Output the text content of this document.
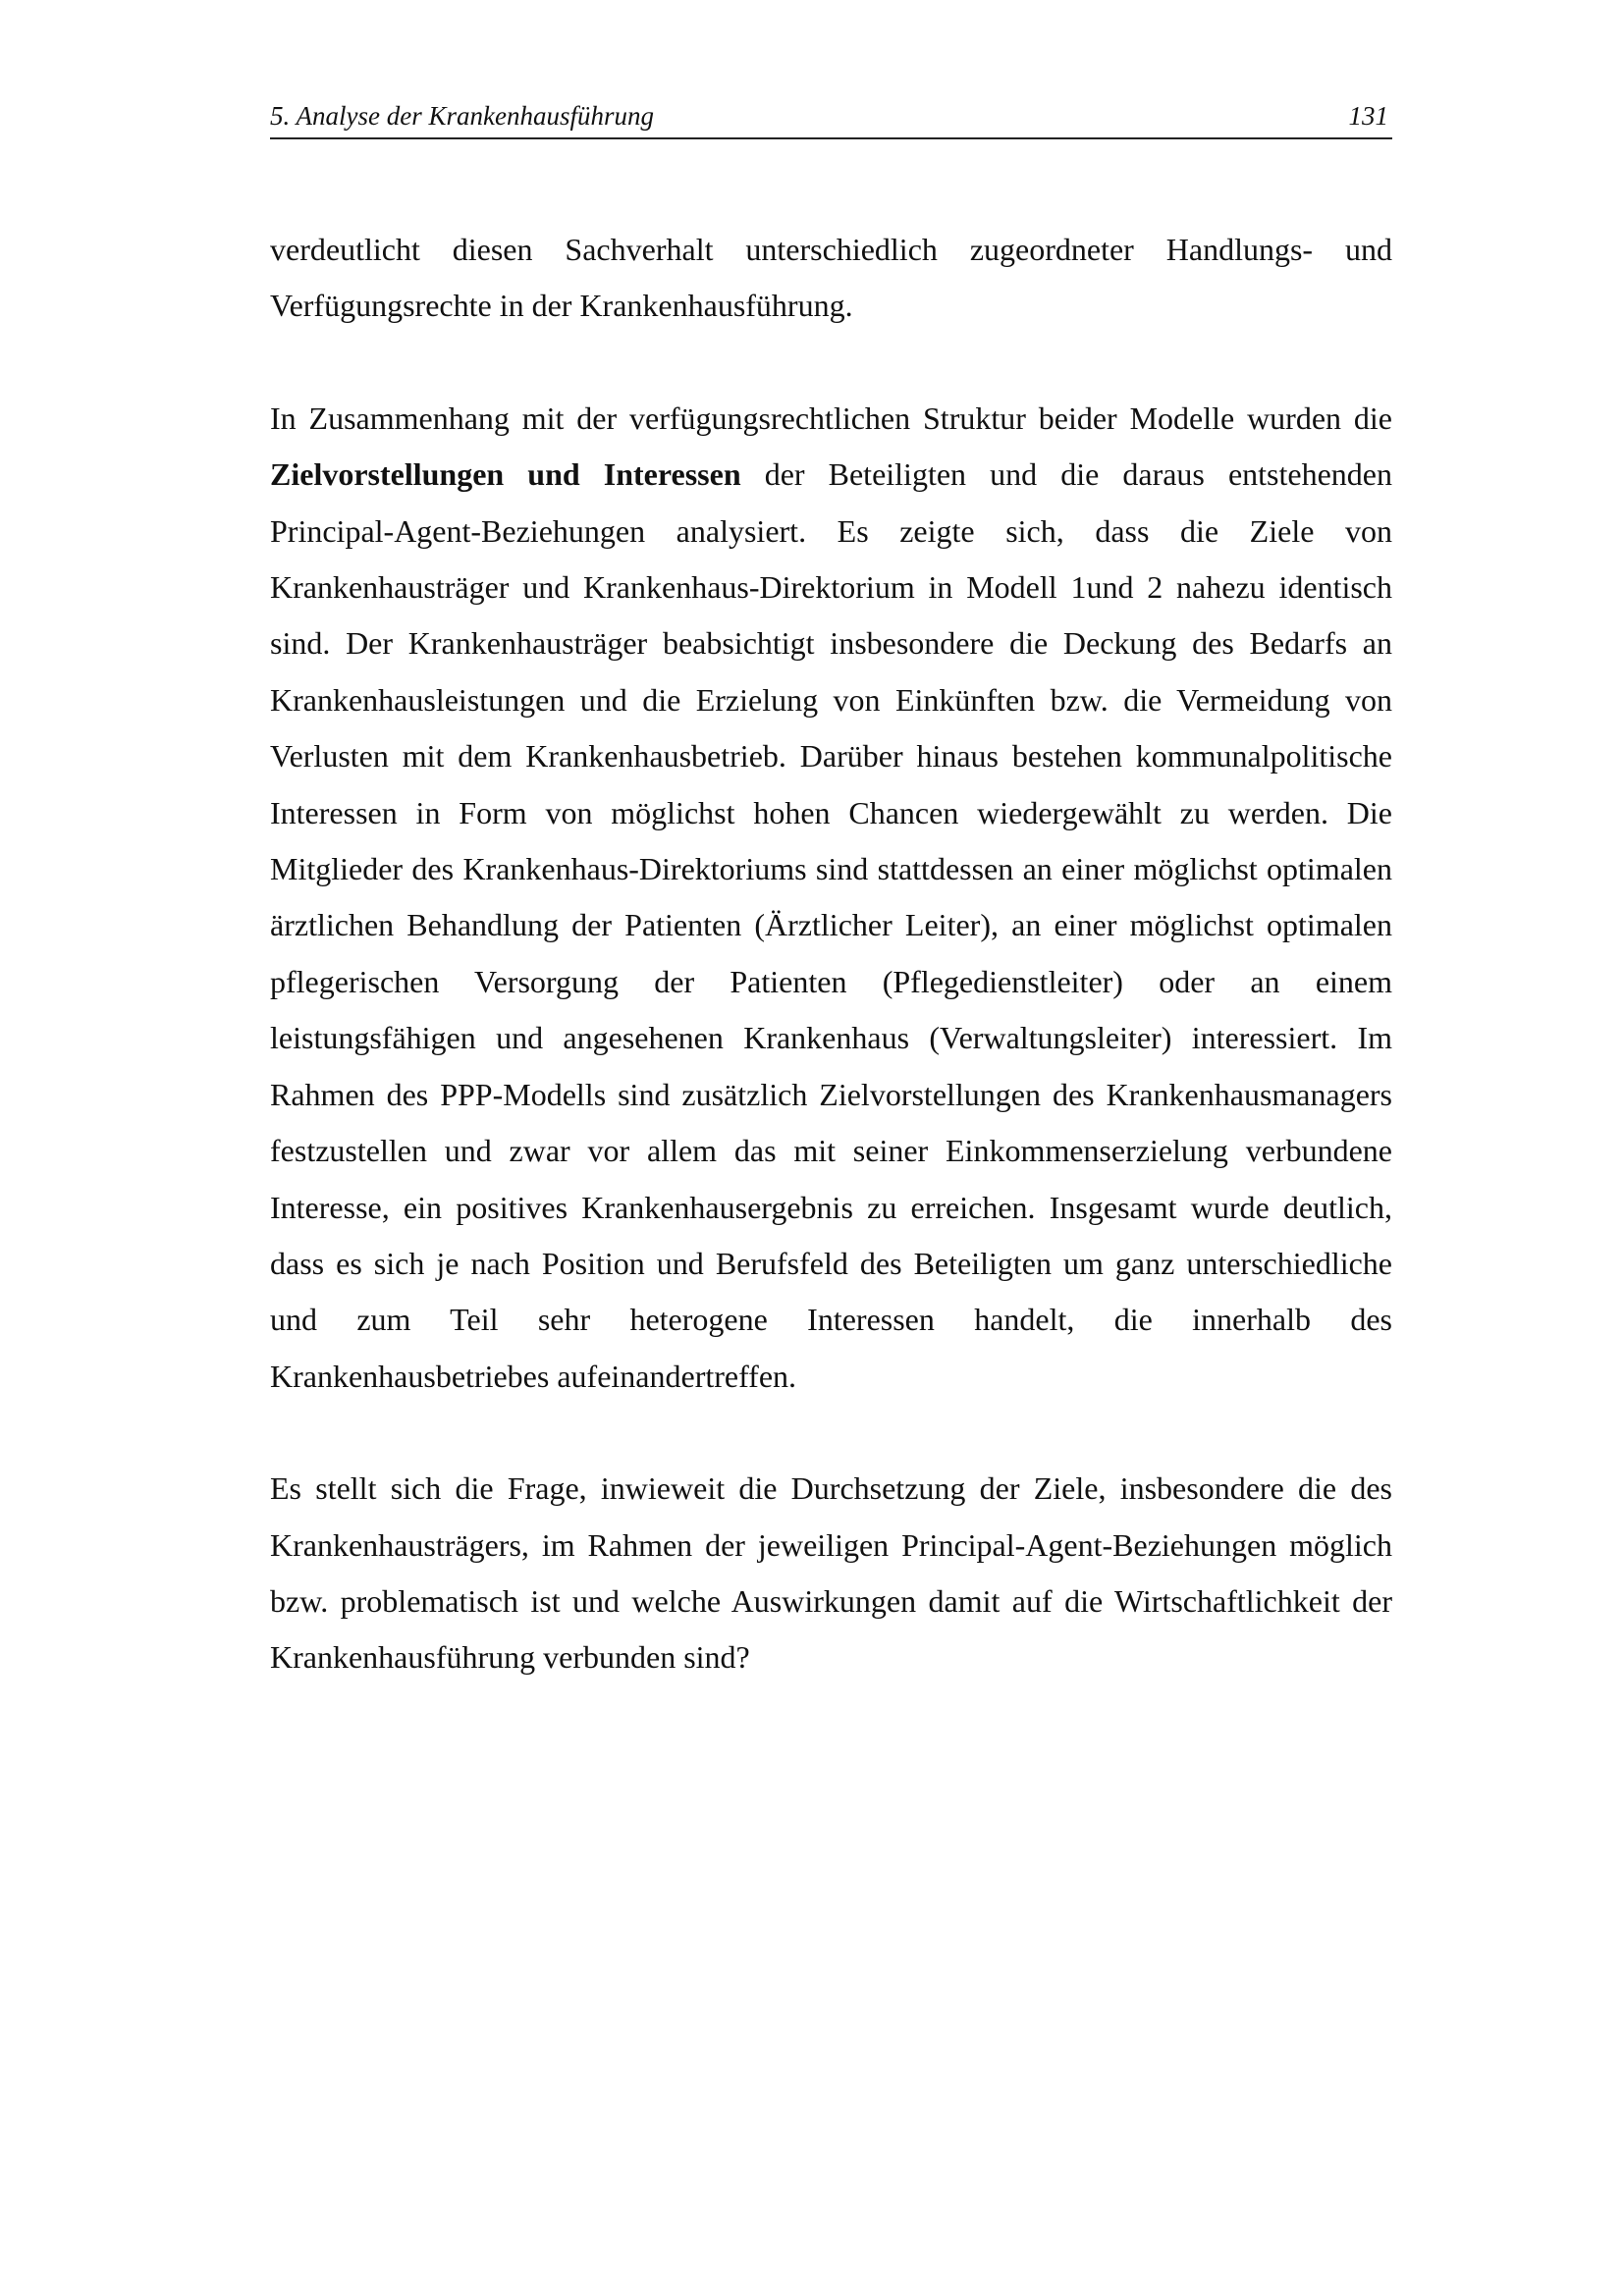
5. Analyse der Krankenhausführung	131

verdeutlicht diesen Sachverhalt unterschiedlich zugeordneter Handlungs- und Verfügungsrechte in der Krankenhausführung.

In Zusammenhang mit der verfügungsrechtlichen Struktur beider Modelle wurden die Zielvorstellungen und Interessen der Beteiligten und die daraus entstehenden Principal-Agent-Beziehungen analysiert. Es zeigte sich, dass die Ziele von Krankenhausträger und Krankenhaus-Direktorium in Modell 1und 2 nahezu identisch sind. Der Krankenhausträger beabsichtigt insbesondere die Deckung des Bedarfs an Krankenhausleistungen und die Erzielung von Einkünften bzw. die Vermeidung von Verlusten mit dem Krankenhausbetrieb. Darüber hinaus bestehen kommunalpolitische Interessen in Form von möglichst hohen Chancen wiedergewählt zu werden. Die Mitglieder des Krankenhaus-Direktoriums sind stattdessen an einer möglichst optimalen ärztlichen Behandlung der Patienten (Ärztlicher Leiter), an einer möglichst optimalen pflegerischen Versorgung der Patienten (Pflegedienstleiter) oder an einem leistungsfähigen und angesehenen Krankenhaus (Verwaltungsleiter) interessiert. Im Rahmen des PPP-Modells sind zusätzlich Zielvorstellungen des Krankenhausmanagers festzustellen und zwar vor allem das mit seiner Einkommenserzielung verbundene Interesse, ein positives Krankenhausergebnis zu erreichen. Insgesamt wurde deutlich, dass es sich je nach Position und Berufsfeld des Beteiligten um ganz unterschiedliche und zum Teil sehr heterogene Interessen handelt, die innerhalb des Krankenhausbetriebes aufeinandertreffen.

Es stellt sich die Frage, inwieweit die Durchsetzung der Ziele, insbesondere die des Krankenhausträgers, im Rahmen der jeweiligen Principal-Agent-Beziehungen möglich bzw. problematisch ist und welche Auswirkungen damit auf die Wirtschaftlichkeit der Krankenhausführung verbunden sind?
